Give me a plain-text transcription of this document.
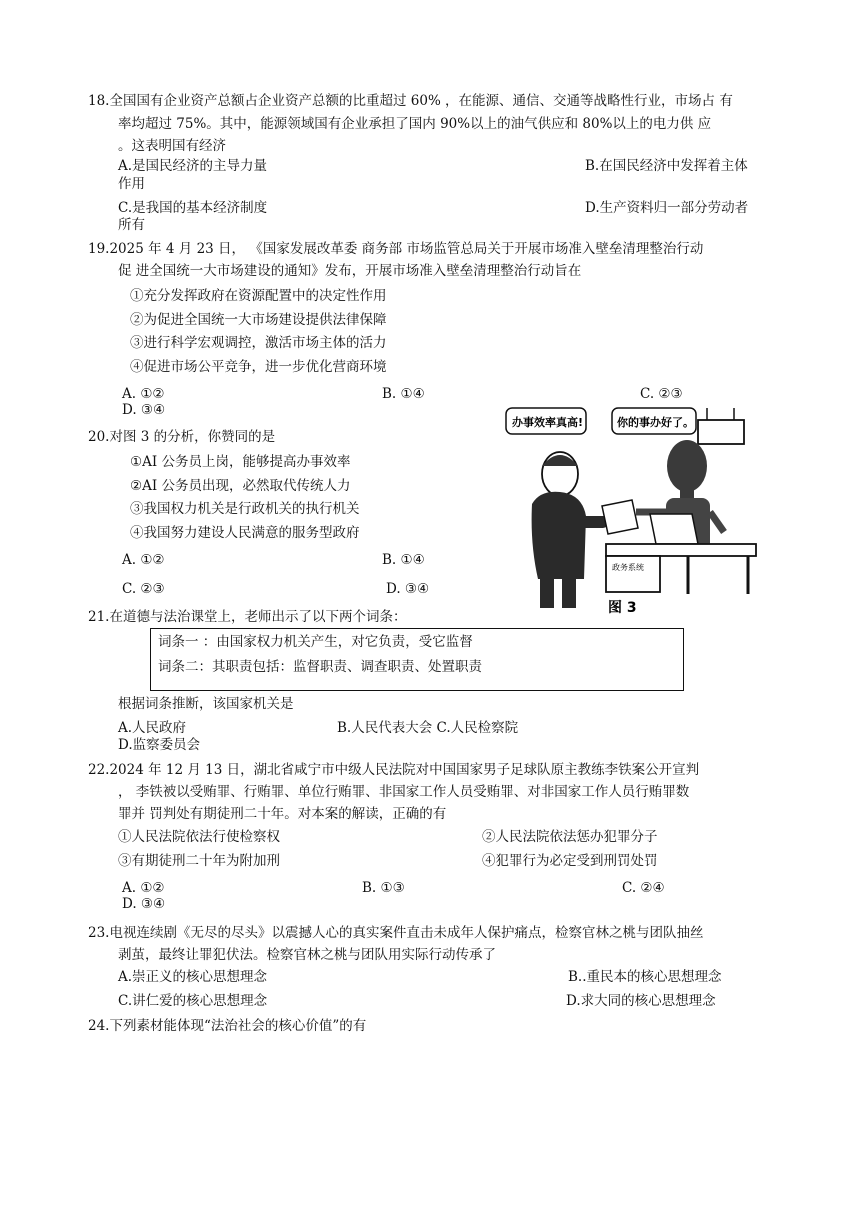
18.全国国有企业资产总额占企业资产总额的比重超过 60% ，在能源、通信、交通等战略性行业，市场占 有
率均超过 75%。其中，能源领域国有企业承担了国内 90%以上的油气供应和 80%以上的电力供 应
。这表明国有经济
A.是国民经济的主导力量	B.在国民经济中发挥着主体
作用
C.是我国的基本经济制度	D.生产资料归一部分劳动者
所有
19.2025 年 4 月 23 日， 《国家发展改革委 商务部 市场监管总局关于开展市场准入壁垒清理整治行动
促 进全国统一大市场建设的通知》发布，开展市场准入壁垒清理整治行动旨在
①充分发挥政府在资源配置中的决定性作用
②为促进全国统一大市场建设提供法律保障
③进行科学宏观调控，激活市场主体的活力
④促进市场公平竞争，进一步优化营商环境
A. ①②	B. ①④	C. ②③
D. ③④
20.对图 3 的分析，你赞同的是
①AI 公务员上岗，能够提高办事效率
②AI 公务员出现，必然取代传统人力
③我国权力机关是行政机关的执行机关
④我国努力建设人民满意的服务型政府
A. ①②	B. ①④
C. ②③	D. ③④
办事效率真高!	你的事办好了。
政务系统
图 3
21.在道德与法治课堂上，老师出示了以下两个词条：
词条一 ：由国家权力机关产生，对它负责，受它监督
词条二：其职责包括：监督职责、调查职责、处置职责
根据词条推断，该国家机关是
A.人民政府	B.人民代表大会 C.人民检察院
D.监察委员会
22.2024 年 12 月 13 日，湖北省咸宁市中级人民法院对中国国家男子足球队原主教练李铁案公开宣判
， 李铁被以受贿罪、行贿罪、单位行贿罪、非国家工作人员受贿罪、对非国家工作人员行贿罪数
罪并 罚判处有期徒刑二十年。对本案的解读，正确的有
①人民法院依法行使检察权	②人民法院依法惩办犯罪分子
③有期徒刑二十年为附加刑	④犯罪行为必定受到刑罚处罚
A. ①②	B. ①③	C. ②④
D. ③④
23.电视连续剧《无尽的尽头》以震撼人心的真实案件直击未成年人保护痛点，检察官林之桃与团队抽丝
剥茧，最终让罪犯伏法。检察官林之桃与团队用实际行动传承了
A.崇正义的核心思想理念	B..重民本的核心思想理念
C.讲仁爱的核心思想理念	D.求大同的核心思想理念
24.下列素材能体现“法治社会的核心价值”的有
